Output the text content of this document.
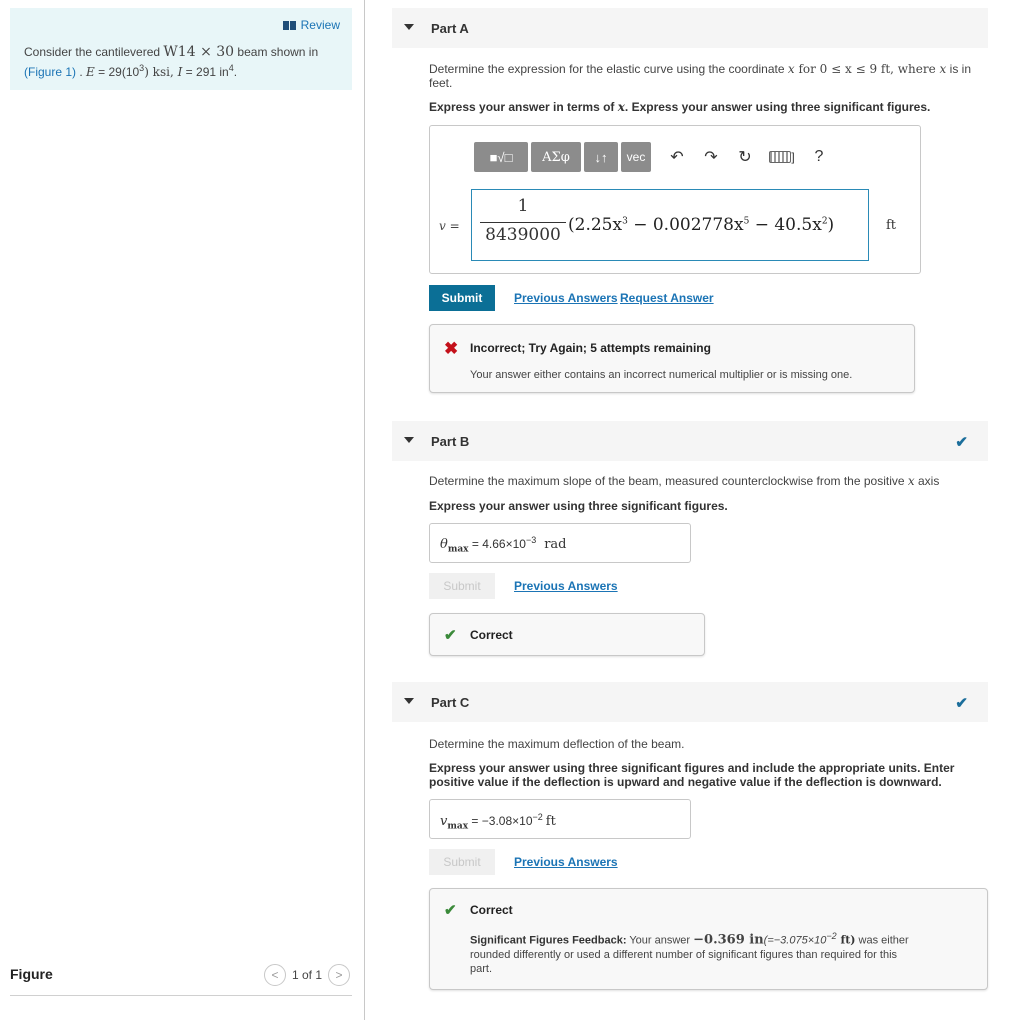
Review
Consider the cantilevered W14 × 30 beam shown in
(Figure 1) . $E = 29(10^3)$ ksi, I = 291 $in^4$.
Figure	< 1 of 1 >
Part A
Determine the expression for the elastic curve using the coordinate x for 0 ≤ x ≤ 9 ft, where x is in
feet.
Express your answer in terms of x. Express your answer using three significant figures.
■√□ ΑΣφ ↓↑ vec ↶ ↷ ↻	] ?
v =
1
8439000 $(2.25x^3 - 0.002778x^5 - 40.5x^2)$	ft
Submit	Previous Answers Request Answer
✖ Incorrect; Try Again; 5 attempts remaining
Your answer either contains an incorrect numerical multiplier or is missing one.
Part B	✔
Determine the maximum slope of the beam, measured counterclockwise from the positive x axis
Express your answer using three significant figures.
$\theta_{max} = 4.66\times 10^{-3}$ rad
Submit	Previous Answers
✔ Correct
Part C	✔
Determine the maximum deflection of the beam.
Express your answer using three significant figures and include the appropriate units. Enter
positive value if the deflection is upward and negative value if the deflection is downward.
$v_{max} = -3.08\times 10^{-2}$ ft
Submit	Previous Answers
✔ Correct
Significant Figures Feedback: Your answer −0.369 $in(=-3.075\times 10^{-2}$ ft) was either
rounded differently or used a different number of significant figures than required for this
part.
